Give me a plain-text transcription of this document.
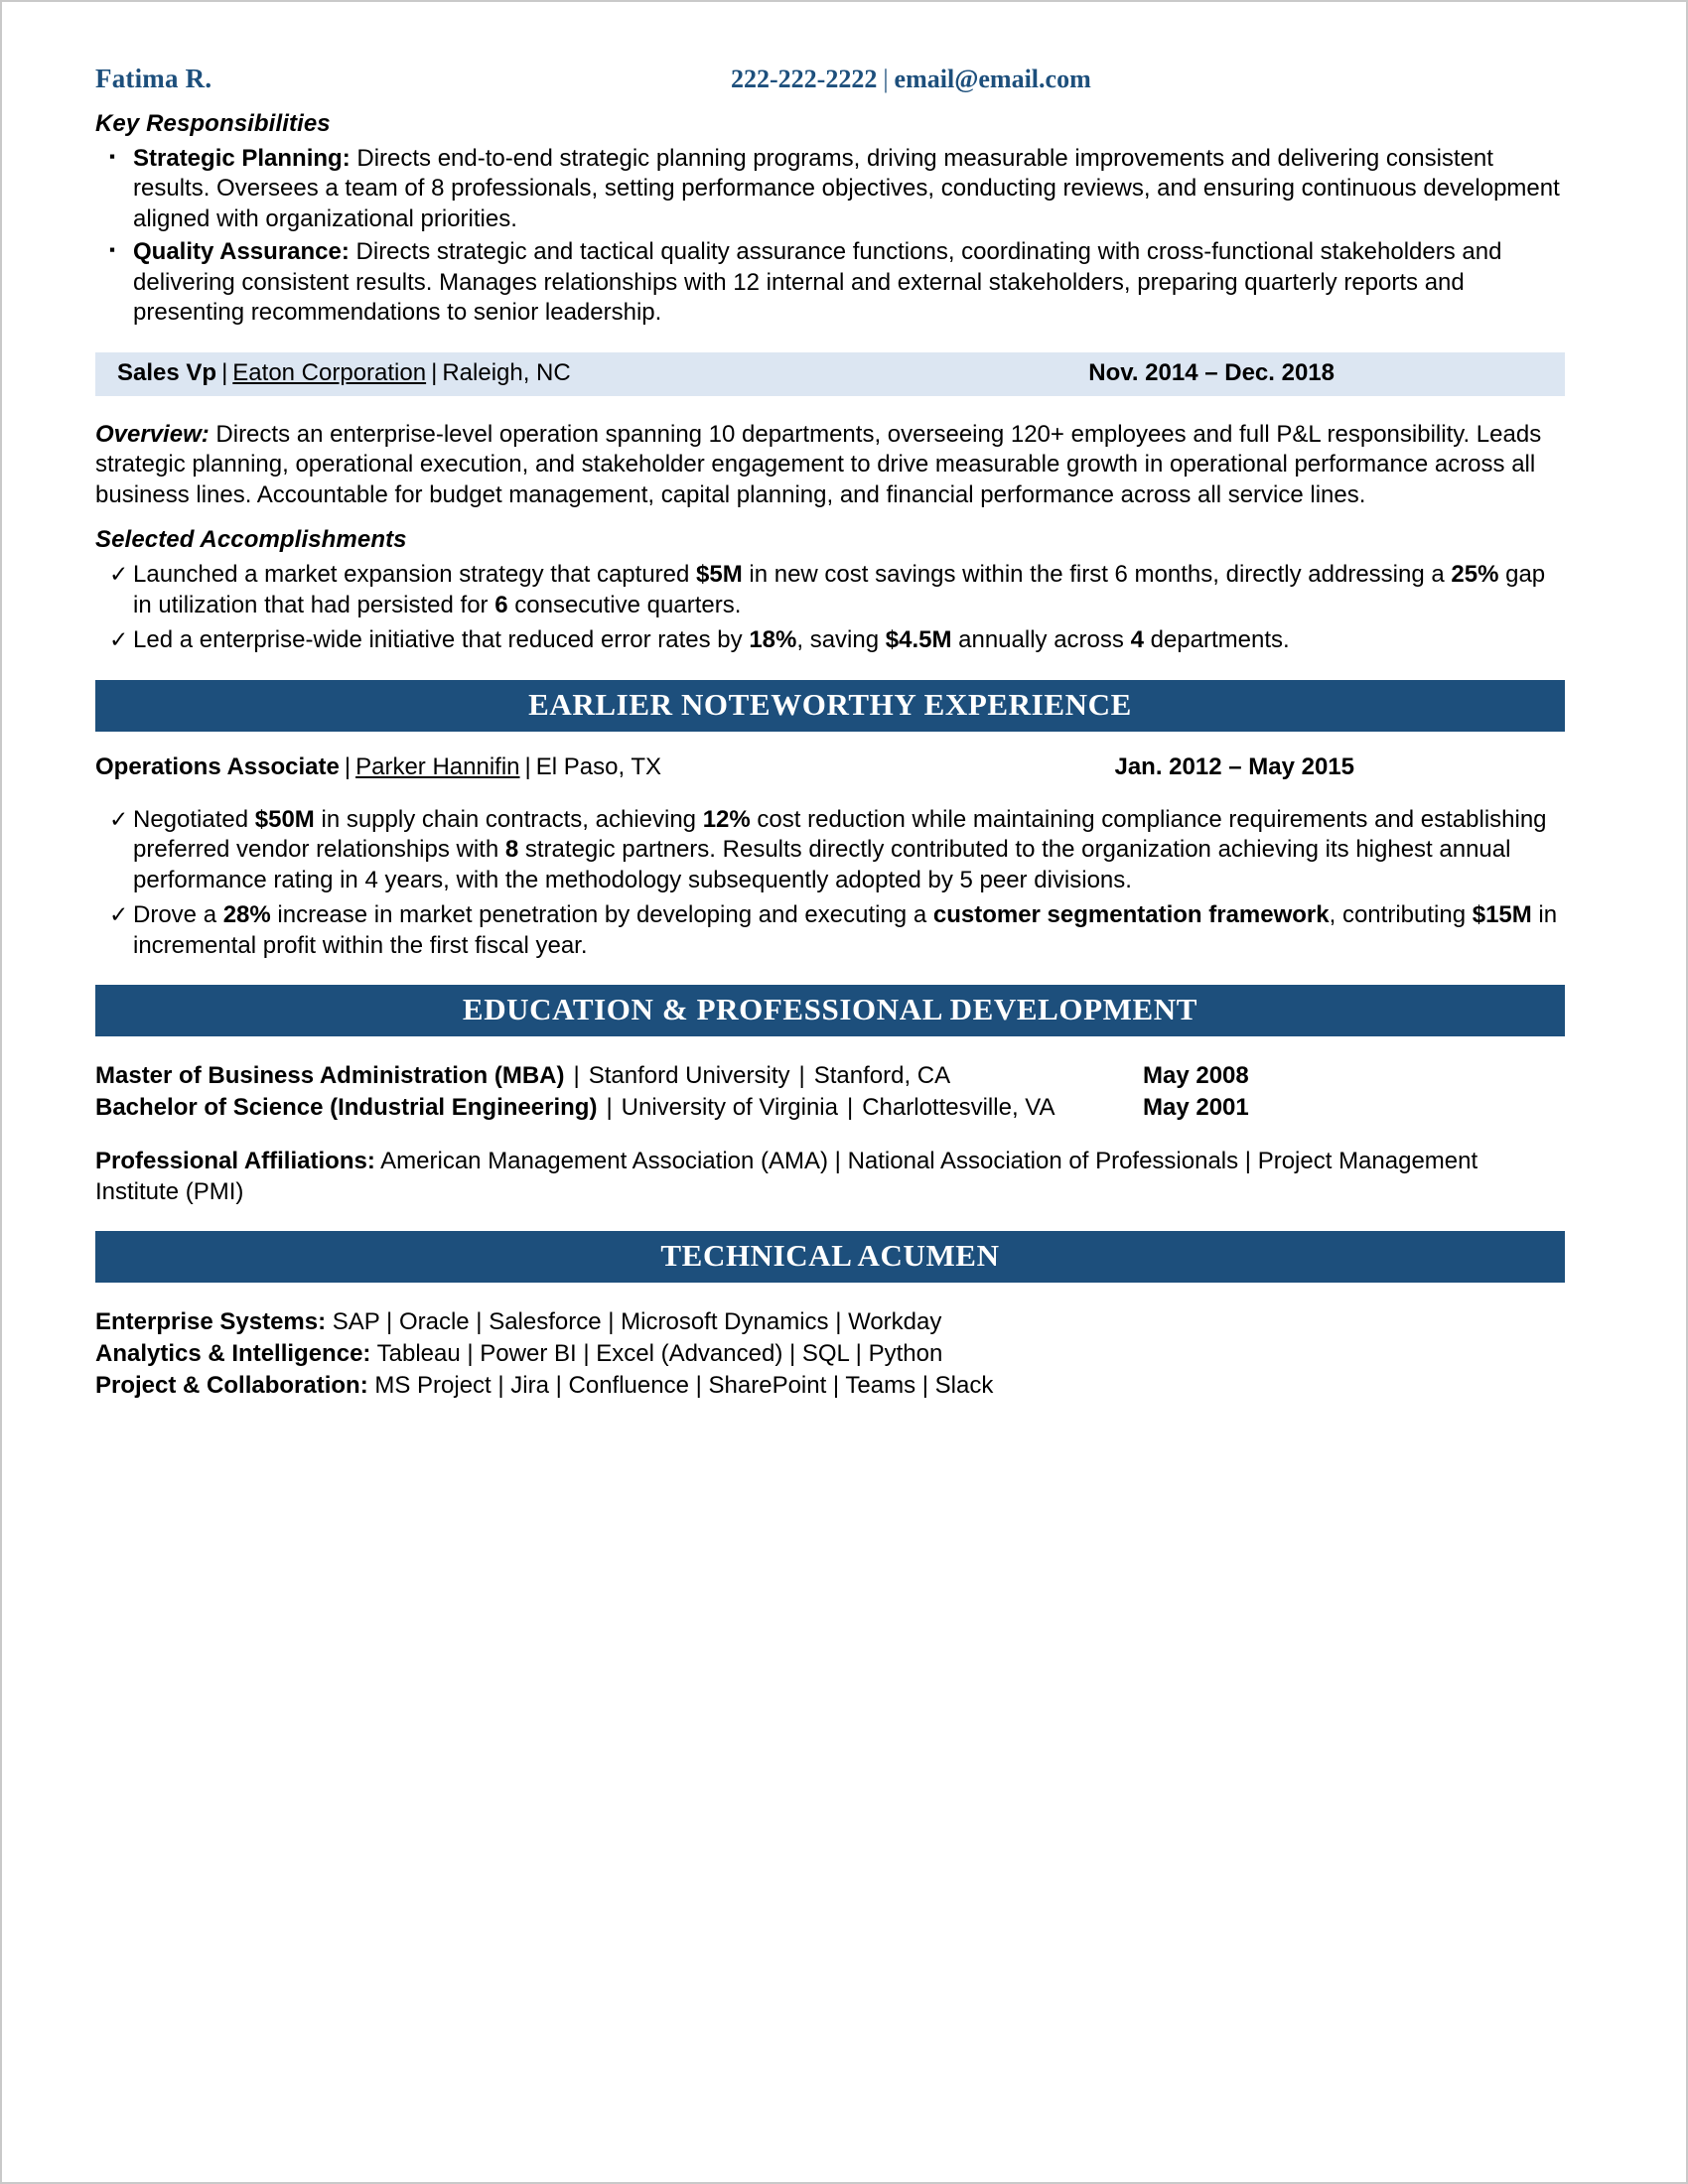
Fatima R.	222-222-2222 | email@email.com
Key Responsibilities
▪ Strategic Planning: Directs end-to-end strategic planning programs, driving measurable improvements and delivering consistent results. Oversees a team of 8 professionals, setting performance objectives, conducting reviews, and ensuring continuous development aligned with organizational priorities.
▪ Quality Assurance: Directs strategic and tactical quality assurance functions, coordinating with cross-functional stakeholders and delivering consistent results. Manages relationships with 12 internal and external stakeholders, preparing quarterly reports and presenting recommendations to senior leadership.
Sales Vp | Eaton Corporation | Raleigh, NC	Nov. 2014 – Dec. 2018
Overview: Directs an enterprise-level operation spanning 10 departments, overseeing 120+ employees and full P&L responsibility. Leads strategic planning, operational execution, and stakeholder engagement to drive measurable growth in operational performance across all business lines. Accountable for budget management, capital planning, and financial performance across all service lines.
Selected Accomplishments
✓ Launched a market expansion strategy that captured $5M in new cost savings within the first 6 months, directly addressing a 25% gap in utilization that had persisted for 6 consecutive quarters.
✓ Led a enterprise-wide initiative that reduced error rates by 18%, saving $4.5M annually across 4 departments.
EARLIER NOTEWORTHY EXPERIENCE
Operations Associate | Parker Hannifin | El Paso, TX	Jan. 2012 – May 2015
✓ Negotiated $50M in supply chain contracts, achieving 12% cost reduction while maintaining compliance requirements and establishing preferred vendor relationships with 8 strategic partners. Results directly contributed to the organization achieving its highest annual performance rating in 4 years, with the methodology subsequently adopted by 5 peer divisions.
✓ Drove a 28% increase in market penetration by developing and executing a customer segmentation framework, contributing $15M in incremental profit within the first fiscal year.
EDUCATION & PROFESSIONAL DEVELOPMENT
Master of Business Administration (MBA) | Stanford University | Stanford, CA	May 2008
Bachelor of Science (Industrial Engineering) | University of Virginia | Charlottesville, VA	May 2001
Professional Affiliations: American Management Association (AMA) | National Association of Professionals | Project Management Institute (PMI)
TECHNICAL ACUMEN
Enterprise Systems: SAP | Oracle | Salesforce | Microsoft Dynamics | Workday
Analytics & Intelligence: Tableau | Power BI | Excel (Advanced) | SQL | Python
Project & Collaboration: MS Project | Jira | Confluence | SharePoint | Teams | Slack
